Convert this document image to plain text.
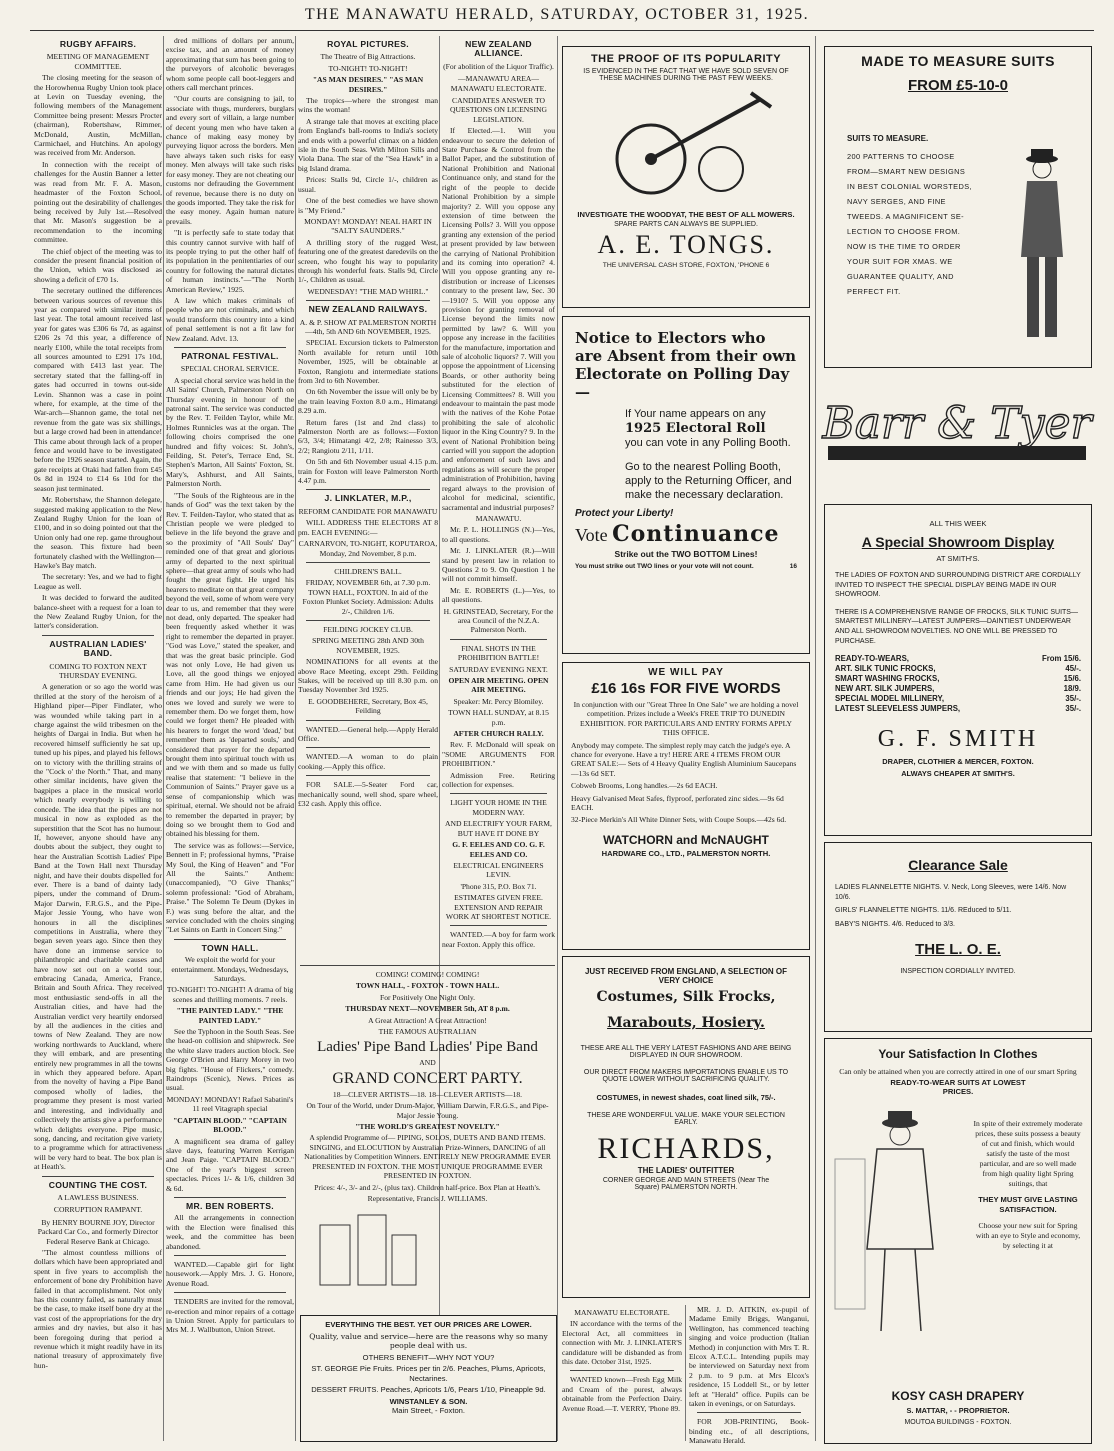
THE MANAWATU HERALD, SATURDAY, OCTOBER 31, 1925.
RUGBY AFFAIRS.
MEETING OF MANAGEMENT COMMITTEE.

The closing meeting for the season of the Horowhenua Rugby Union took place at Levin on Tuesday evening, the following members of the Management Committee being present: Messrs Procter (chairman), Robertshaw, Rimmer, McDonald, Austin, McMillan, Carmichael, and Hutchins. An apology was received from Mr. Anderson.

In connection with the receipt of challenges for the Austin Banner a letter was read from Mr. F. A. Mason, headmaster of the Foxton School, pointing out the desirability of challenges being received by July 1st.—Resolved that Mr. Mason's suggestion be a recommendation to the incoming committee.

The chief object of the meeting was to consider the present financial position of the Union, which was disclosed as showing a deficit of £70 1s.

The secretary outlined the differences between various sources of revenue this year as compared with similar items of last year. The total amount received last year for gates was £306 6s 7d, as against £206 2s 7d this year, a difference of nearly £100, while the total receipts from all sources amounted to £291 17s 10d, compared with £413 last year. The secretary stated that the falling-off in gates had occurred in towns out-side Levin. Shannon was a case in point where, for example, at the time of the War-arch—Shannon game, the total net revenue from the gate was six shillings, but a large crowd had been in attendance! This came about through lack of a proper fence and would have to be investigated before the 1926 season started. Again, the gate receipts at Otaki had fallen from £45 0s 8d in 1924 to £14 6s 10d for the season just terminated.

Mr. Robertshaw, the Shannon delegate, suggested making application to the New Zealand Rugby Union for the loan of £100, and in so doing pointed out that the Union only had one rep. game throughout the season. This fixture had been fortunately clashed with the Wellington—Hawke's Bay match.

The secretary: Yes, and we had to fight League as well.

It was decided to forward the audited balance-sheet with a request for a loan to the New Zealand Rugby Union, for the latter's consideration.

AUSTRALIAN LADIES' BAND.
COMING TO FOXTON NEXT THURSDAY EVENING.

A generation or so ago the world was thrilled at the story of the heroism of a Highland piper—Piper Findlater, who was wounded while taking part in a charge against the wild tribesmen on the heights of Dargai in India. But when he recovered himself sufficiently he sat up, tuned up his pipes, and played his fellows on to victory with the thrilling strains of the "Cock o' the North." That, and many other similar incidents, have given the bagpipes a place in the musical world which nearly everybody is willing to concede. The idea that the pipes are not musical in now as exploded as the superstition that the Scot has no humour. If, however, anyone should have any doubts about the subject, they ought to hear the Australian Scottish Ladies' Pipe Band at the Town Hall next Thursday night, and have their doubts dispelled for ever. There is a band of dainty lady pipers, under the command of Drum-Major Darwin, F.R.G.S., and the Pipe-Major Jessie Young, who have won honours in all the disciplines competitions in Australia, where they began seven years ago. Since then they have done an immense service to philanthropic and charitable causes and have now set out on a world tour, embracing Canada, America, France, Britain and South Africa. They received most enthusiastic send-offs in all the Australian cities, and have had the Australian verdict very heartily endorsed by all the audiences in the cities and towns of New Zealand. They are now working northwards to Auckland, where they will embark, and are presenting entirely new programmes in all the towns in which they appeared before. Apart from the novelty of having a Pipe Band composed wholly of ladies, the programme they present is most varied and interesting, and individually and collectively the artists give a performance which delights everyone. Pipe music, song, dancing, and recitation give variety to a programme which for attractiveness will be very hard to beat. The box plan is at Heath's.

COUNTING THE COST.
A LAWLESS BUSINESS.
CORRUPTION RAMPANT.
By HENRY BOURNE JOY, Director Packard Car Co., and formerly Director Federal Reserve Bank at Chicago.

"The almost countless millions of dollars which have been appropriated and spent in five years to accomplish the enforcement of bone dry Prohibition have failed in that accomplishment. Not only has this country failed, as naturally must be the case, to make itself bone dry at the vast cost of the appropriations for the dry armies and dry navies, but also it has been foregoing during that period a revenue which it might readily have in its national treasury of approximately five hun-

dred millions of dollars per annum, excise tax, and an amount of money approximating that sum has been going to the purveyors of alcoholic beverages whom some people call boot-leggers and others call merchant princes.

"Our courts are consigning to jail, to associate with thugs, murderers, burglars and every sort of villain, a large number of decent young men who have taken a chance of making easy money by purveying liquor across the borders. Men have always taken such risks for easy money. Men always will take such risks for easy money. They are not cheating our customs nor defrauding the Government of revenue, because there is no duty on the goods imported. They take the risk for the easy money. Again human nature prevails.

"It is perfectly safe to state today that this country cannot survive with half of its people trying to put the other half of its population in the penitentiaries of our country for following the natural dictates of human instincts."—"The North American Review," 1925.

A law which makes criminals of people who are not criminals, and which would transform this country into a kind of penal settlement is not a fit law for New Zealand. Advt. 13.

PATRONAL FESTIVAL.
SPECIAL CHORAL SERVICE.

A special choral service was held in the All Saints' Church, Palmerston North on Thursday evening in honour of the patronal saint. The service was conducted by the Rev. T. Feilden Taylor, while Mr. Holmes Runnicles was at the organ. The following choirs comprised the one hundred and fifty voices: St. John's, Feilding, St. Peter's, Terrace End, St. Stephen's Marton, All Saints' Foxton, St. Mary's, Ashhurst, and All Saints, Palmerston North.

"The Souls of the Righteous are in the hands of God" was the text taken by the Rev. T. Feilden-Taylor, who stated that as Christian people we were pledged to believe in the life beyond the grave and so the proximity of "All Souls' Day" reminded one of that great and glorious army of departed to the next spiritual sphere—that great army of souls who had fought the great fight. He urged his hearers to meditate on that great company beyond the veil, some of whom were very dear to us, and remember that they were not dead, only departed. The speaker had been frequently asked whether it was right to remember the departed in prayer. "God was Love," stated the speaker, and that was the great basic principle. God was not only Love, He had given us Love, all the good things we enjoyed came from Him. He had given us our friends and our joys; He had given the ones we loved and surely we were to remember them. Do we forget them, how could we forget them? He pleaded with his hearers to forget the word 'dead,' but remember them as 'departed souls,' and considered that prayer for the departed brought them into spiritual touch with us and we with them and so made us fully realise that statement: "I believe in the Communion of Saints." Prayer gave us a sense of companionship which was spiritual, eternal. We should not be afraid to remember the departed in prayer; by doing so we brought them to God and obtained his blessing for them.

The service was as follows:—Service, Bennett in F; professional hymns, "Praise My Soul, the King of Heaven" and "For All the Saints." Anthem: (unaccompanied), "O Give Thanks;" solemn professional: "God of Abraham, Praise." The Solemn Te Deum (Dykes in F.) was sung before the altar, and the service concluded with the choirs singing "Let Saints on Earth in Concert Sing."

TOWN HALL.

We exploit the world for your entertainment. Mondays, Wednesdays, Saturdays.

TO-NIGHT! TO-NIGHT! A drama of big scenes and thrilling moments. 7 reels.

"THE PAINTED LADY." "THE PAINTED LADY."

See the Typhoon in the South Seas. See the head-on collision and shipwreck. See the white slave traders auction block. See George O'Brien and Harry Morey in two big fights. "House of Flickers," comedy. Raindrops (Scenic), News. Prices as usual.

MONDAY! MONDAY! Rafael Sabatini's 11 reel Vitagraph special

"CAPTAIN BLOOD." "CAPTAIN BLOOD."

A magnificent sea drama of galley slave days, featuring Warren Kerrigan and Jean Paige. "CAPTAIN BLOOD." One of the year's biggest screen spectacles. Prices 1/- & 1/6, children 3d & 6d.

MR. BEN ROBERTS.

All the arrangements in connection with the Election were finalised this week, and the committee has been abandoned.

WANTED.—Capable girl for light housework.—Apply Mrs. J. G. Honore, Avenue Road.

TENDERS are invited for the removal, re-erection and minor repairs of a cottage in Union Street. Apply for particulars to Mrs M. J. Wallbutton, Union Street.

ROYAL PICTURES.
The Theatre of Big Attractions.

TO-NIGHT! TO-NIGHT!

"AS MAN DESIRES." "AS MAN DESIRES."

The tropics—where the strongest man wins the woman!

A strange tale that moves at exciting place from England's ball-rooms to India's society and ends with a powerful climax on a hidden isle in the South Seas. With Milton Sills and Viola Dana. The star of the "Sea Hawk" in a big Island drama.

Prices: Stalls 9d, Circle 1/-, children as usual.

One of the best comedies we have shown is "My Friend."

MONDAY! MONDAY! NEAL HART IN "SALTY SAUNDERS."

A thrilling story of the rugged West, featuring one of the greatest daredevils on the screen, who fought his way to popularity through his wonderful feats. Stalls 9d, Circle 1/-, Children as usual.

WEDNESDAY! "THE MAD WHIRL."

NEW ZEALAND RAILWAYS.
A. & P. SHOW AT PALMERSTON NORTH—4th, 5th AND 6th NOVEMBER, 1925.

SPECIAL Excursion tickets to Palmerston North available for return until 10th November, 1925, will be obtainable at Foxton, Rangiotu and intermediate stations from 3rd to 6th November.

On 6th November the issue will only be by the train leaving Foxton 8.0 a.m., Himatangi 8.29 a.m.

Return fares (1st and 2nd class) to Palmerston North are as follows:—Foxton 6/3, 3/4; Himatangi 4/2, 2/8; Rainesso 3/3, 2/2; Rangiotu 2/11, 1/11.

On 5th and 6th November usual 4.15 p.m. train for Foxton will leave Palmerston North 4.47 p.m.

J. LINKLATER, M.P.,
REFORM CANDIDATE FOR MANAWATU

WILL ADDRESS THE ELECTORS AT 8 pm. EACH EVENING:—

CARNARVON, TO-NIGHT, KOPUTAROA, Monday, 2nd November, 8 p.m.

CHILDREN'S BALL.

FRIDAY, NOVEMBER 6th, at 7.30 p.m. TOWN HALL, FOXTON. In aid of the Foxton Plunket Society. Admission: Adults 2/-, Children 1/6.

FEILDING JOCKEY CLUB.

SPRING MEETING 28th AND 30th NOVEMBER, 1925.

NOMINATIONS for all events at the above Race Meeting, except 29th. Feilding Stakes, will be received up till 8.30 p.m. on Tuesday November 3rd 1925.

E. GOODBEHERE, Secretary, Box 45, Feilding

WANTED.—General help.—Apply Herald Office.

WANTED.—A woman to do plain cooking.—Apply this office.

FOR SALE.—5-Seater Ford car, mechanically sound, well shod, spare wheel, £32 cash. Apply this office.

NEW ZEALAND ALLIANCE.
(For abolition of the Liquor Traffic).
—MANAWATU AREA— MANAWATU ELECTORATE.
CANDIDATES ANSWER TO QUESTIONS ON LICENSING LEGISLATION.

If Elected.—1. Will you endeavour to secure the deletion of State Purchase & Control from the Ballot Paper, and the substitution of National Prohibition and National Continuance only, and stand for the right of the people to decide National Prohibition by a simple majority? 2. Will you oppose any extension of time between the Licensing Polls? 3. Will you oppose granting any extension of the period at present provided by law between the carrying of National Prohibition and its coming into operation? 4. Will you oppose granting any re-distribution or increase of Licenses contrary to the present law, Sec. 30—1910? 5. Will you oppose any provision for granting removal of License beyond the limits now permitted by law? 6. Will you oppose any increase in the facilities for the manufacture, importation and sale of alcoholic liquors? 7. Will you oppose the appointment of Licensing Boards, or other authority being substituted for the election of Licensing Committees? 8. Will you endeavour to maintain the past mode with the natives of the Kohe Potae prohibiting the sale of alcoholic liquor in the King Country? 9. In the event of National Prohibition being carried will you support the adoption and enforcement of such laws and regulations as will secure the proper administration of Prohibition, having regard always to the provision of alcohol for medicinal, scientific, sacramental and industrial purposes?

MANAWATU.

Mr. P. L. HOLLINGS (N.)—Yes, to all questions.

Mr. J. LINKLATER (R.)—Will stand by present law in relation to Questions 2 to 9. On Question 1 he will not commit himself.

Mr. E. ROBERTS (L.)—Yes, to all questions.

H. GRINSTEAD, Secretary, For the area Council of the N.Z.A. Palmerston North.

FINAL SHOTS IN THE PROHIBITION BATTLE!

SATURDAY EVENING NEXT.

OPEN AIR MEETING. OPEN AIR MEETING.

Speaker: Mr. Percy Blomiley.

TOWN HALL SUNDAY, at 8.15 p.m.

AFTER CHURCH RALLY.

Rev. F. McDonald will speak on "SOME ARGUMENTS FOR PROHIBITION."

Admission Free. Retiring collection for expenses.

LIGHT YOUR HOME IN THE MODERN WAY.

AND ELECTRIFY YOUR FARM, BUT HAVE IT DONE BY

G. F. EELES AND CO. G. F. EELES AND CO.

ELECTRICAL ENGINEERS LEVIN.

'Phone 315, P.O. Box 71.

ESTIMATES GIVEN FREE. EXTENSION AND REPAIR WORK AT SHORTEST NOTICE.

WANTED.—A boy for farm work near Foxton. Apply this office.

COMING! COMING! COMING!

TOWN HALL, - FOXTON - TOWN HALL.

For Positively One Night Only.

THURSDAY NEXT—NOVEMBER 5th, AT 8 p.m.

A Great Attraction! A Great Attraction!

THE FAMOUS AUSTRALIAN

Ladies' Pipe Band Ladies' Pipe Band

AND

GRAND CONCERT PARTY.

18—CLEVER ARTISTS—18. 18—CLEVER ARTISTS—18.

On Tour of the World, under Drum-Major, William Darwin, F.R.G.S., and Pipe-Major Jessie Young.

"THE WORLD'S GREATEST NOVELTY."

A splendid Programme of— PIPING, SOLOS, DUETS AND BAND ITEMS. SINGING, and ELOCUTION by Australian Prize-Winners, DANCING of all Nationalities by Competition Winners. ENTIRELY NEW PROGRAMME EVER PRESENTED IN FOXTON. THE MOST UNIQUE PROGRAMME EVER PRESENTED IN FOXTON.

Prices: 4/-, 3/- and 2/-, (plus tax). Children half-price. Box Plan at Heath's.

Representative, Francis J. WILLIAMS.

EVERYTHING THE BEST. YET OUR PRICES ARE LOWER.
Quality, value and service—here are the reasons why so many people deal with us.
OTHERS BENEFIT—WHY NOT YOU?
ST. GEORGE Pie Fruits. Prices per tin 2/6. Peaches, Plums, Apricots, Nectarines.
DESSERT FRUITS. Peaches, Apricots 1/6, Pears 1/10, Pineapple 9d.
WINSTANLEY & SON.
Main Street, - Foxton.
THE PROOF OF ITS POPULARITY
IS EVIDENCED IN THE FACT THAT WE HAVE SOLD SEVEN OF THESE MACHINES DURING THE PAST FEW WEEKS.
INVESTIGATE THE WOODYAT, THE BEST OF ALL MOWERS.
SPARE PARTS CAN ALWAYS BE SUPPLIED.
A. E. TONGS.
THE UNIVERSAL CASH STORE, FOXTON, 'PHONE 6
Notice to Electors who are Absent from their own Electorate on Polling Day—
If Your name appears on any
1925 Electoral Roll
you can vote in any Polling Booth.
Go to the nearest Polling Booth, apply to the Returning Officer, and make the necessary declaration.
Protect your Liberty!
Vote Continuance
Strike out the TWO BOTTOM Lines!
You must strike out TWO lines or your vote will not count.	16
WE WILL PAY
£16 16s FOR FIVE WORDS
In conjunction with our "Great Three In One Sale" we are holding a novel competition. Prizes include a Week's FREE TRIP TO DUNEDIN EXHIBITION. FOR PARTICULARS AND ENTRY FORMS APPLY THIS OFFICE.
Anybody may compete. The simplest reply may catch the judge's eye. A chance for everyone. Have a try! HERE ARE 4 ITEMS FROM OUR GREAT SALE:— Sets of 4 Heavy Quality English Aluminium Saucepans—13s 6d SET.
Cobweb Brooms, Long handles.—2s 6d EACH.
Heavy Galvanised Meat Safes, flyproof, perforated zinc sides.—9s 6d EACH.
32-Piece Merkin's All White Dinner Sets, with Coupe Soups.—42s 6d.
WATCHORN and McNAUGHT
HARDWARE CO., LTD., PALMERSTON NORTH.
JUST RECEIVED FROM ENGLAND, A SELECTION OF VERY CHOICE
Costumes, Silk Frocks,
Marabouts, Hosiery.
THESE ARE ALL THE VERY LATEST FASHIONS AND ARE BEING DISPLAYED IN OUR SHOWROOM.
OUR DIRECT FROM MAKERS IMPORTATIONS ENABLE US TO QUOTE LOWER WITHOUT SACRIFICING QUALITY.
COSTUMES, in newest shades, coat lined silk, 75/-.
THESE ARE WONDERFUL VALUE. MAKE YOUR SELECTION EARLY.
RICHARDS,
THE LADIES' OUTFITTER
CORNER GEORGE AND MAIN STREETS (Near The Square) PALMERSTON NORTH.
MANAWATU ELECTORATE.

IN accordance with the terms of the Electoral Act, all committees in connection with Mr. J. LINKLATER'S candidature will be disbanded as from this date. October 31st, 1925.

WANTED known—Fresh Egg Milk and Cream of the purest, always obtainable from the Perfection Dairy. Avenue Road.—T. VERRY, 'Phone 89.

MR. J. D. AITKIN, ex-pupil of Madame Emily Briggs, Wanganui, Wellington, has commenced teaching singing and voice production (Italian Method) in conjunction with Mrs T. R. Elcox A.T.C.L. Intending pupils may be interviewed on Saturday next from 2 p.m. to 9 p.m. at Mrs Elcox's residence, 15 Loddell St., or by letter left at "Herald" office. Pupils can be taken in evenings, or on Saturdays.

FOR JOB-PRINTING, Book-binding etc., of all descriptions, Manawatu Herald.

MADE TO MEASURE SUITS
FROM £5-10-0
SUITS TO MEASURE.
200 PATTERNS TO CHOOSE
FROM—SMART NEW DESIGNS
IN BEST COLONIAL WORSTEDS,
NAVY SERGES, AND FINE
TWEEDS. A MAGNIFICENT SE-
LECTION TO CHOOSE FROM.
NOW IS THE TIME TO ORDER
YOUR SUIT FOR XMAS. WE
GUARANTEE QUALITY, AND
PERFECT FIT.
Barr & Tyer
ALL THIS WEEK
A Special Showroom Display
AT SMITH'S.
THE LADIES OF FOXTON AND SURROUNDING DISTRICT ARE CORDIALLY INVITED TO INSPECT THE SPECIAL DISPLAY BEING MADE IN OUR SHOWROOM.
THERE IS A COMPREHENSIVE RANGE OF FROCKS, SILK TUNIC SUITS—SMARTEST MILLINERY—LATEST JUMPERS—DAINTIEST UNDERWEAR AND ALL SHOWROOM NOVELTIES. NO ONE WILL BE PRESSED TO PURCHASE.
READY-TO-WEARS,	From 15/6.
ART. SILK TUNIC FROCKS,	45/-.
SMART WASHING FROCKS,	15/6.
NEW ART. SILK JUMPERS,	18/9.
SPECIAL MODEL MILLINERY,	35/-.
LATEST SLEEVELESS JUMPERS,	35/-.
G. F. SMITH
DRAPER, CLOTHIER & MERCER, FOXTON.
ALWAYS CHEAPER AT SMITH'S.
Clearance Sale
LADIES FLANNELETTE NIGHTS. V. Neck, Long Sleeves, were 14/6. Now 10/6.
GIRLS' FLANNELETTE NIGHTS. 11/6. REduced to 5/11.
BABY'S NIGHTS. 4/6. Reduced to 3/3.
THE L. O. E.
INSPECTION CORDIALLY INVITED.
Your Satisfaction In Clothes
Can only be attained when you are correctly attired in one of our smart Spring
READY-TO-WEAR SUITS AT LOWEST PRICES.
In spite of their extremely moderate prices, these suits possess a beauty of cut and finish, which would satisfy the taste of the most particular, and are so well made from high quality light Spring suitings, that
THEY MUST GIVE LASTING SATISFACTION.
Choose your new suit for Spring with an eye to Style and economy, by selecting it at
KOSY CASH DRAPERY
S. MATTAR, - - PROPRIETOR.
MOUTOA BUILDINGS - FOXTON.
